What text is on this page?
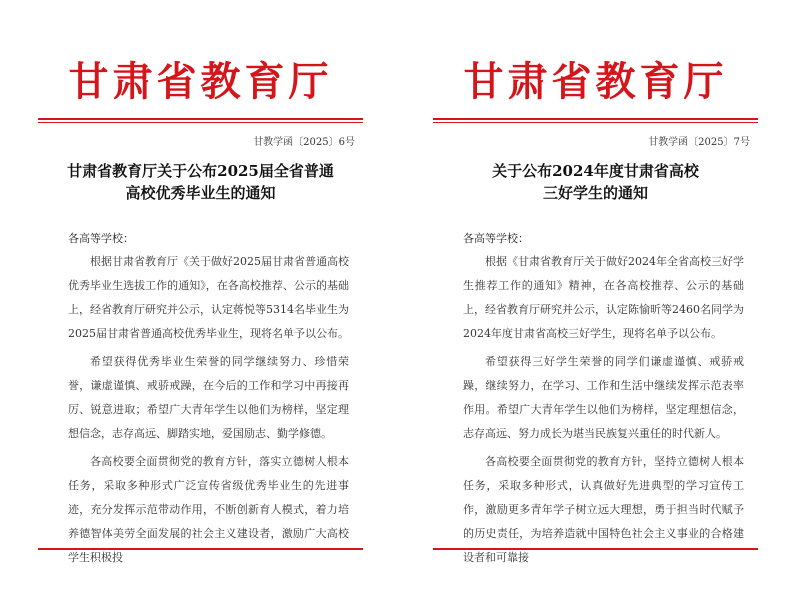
甘肃省教育厅
甘教学函〔2025〕6号
甘肃省教育厅关于公布2025届全省普通
高校优秀毕业生的通知
各高等学校：
根据甘肃省教育厅《关于做好2025届甘肃省普通高校优秀毕业生选拔工作的通知》，在各高校推荐、公示的基础上，经省教育厅研究并公示，认定蒋悦等5314名毕业生为2025届甘肃省普通高校优秀毕业生，现将名单予以公布。
希望获得优秀毕业生荣誉的同学继续努力、珍惜荣誉，谦虚谨慎、戒骄戒躁，在今后的工作和学习中再接再厉、锐意进取；希望广大青年学生以他们为榜样，坚定理想信念，志存高远、脚踏实地，爱国励志、勤学修德。
各高校要全面贯彻党的教育方针，落实立德树人根本任务，采取多种形式广泛宣传省级优秀毕业生的先进事迹，充分发挥示范带动作用，不断创新育人模式，着力培养德智体美劳全面发展的社会主义建设者，激励广大高校学生积极投
甘肃省教育厅
甘教学函〔2025〕7号
关于公布2024年度甘肃省高校
三好学生的通知
各高等学校：
根据《甘肃省教育厅关于做好2024年全省高校三好学生推荐工作的通知》精神，在各高校推荐、公示的基础上，经省教育厅研究并公示，认定陈愉昕等2460名同学为2024年度甘肃省高校三好学生，现将名单予以公布。
希望获得三好学生荣誉的同学们谦虚谨慎、戒骄戒躁，继续努力，在学习、工作和生活中继续发挥示范表率作用。希望广大青年学生以他们为榜样，坚定理想信念，志存高远、努力成长为堪当民族复兴重任的时代新人。
各高校要全面贯彻党的教育方针，坚持立德树人根本任务，采取多种形式，认真做好先进典型的学习宣传工作，激励更多青年学子树立远大理想，勇于担当时代赋予的历史责任，为培养造就中国特色社会主义事业的合格建设者和可靠接
